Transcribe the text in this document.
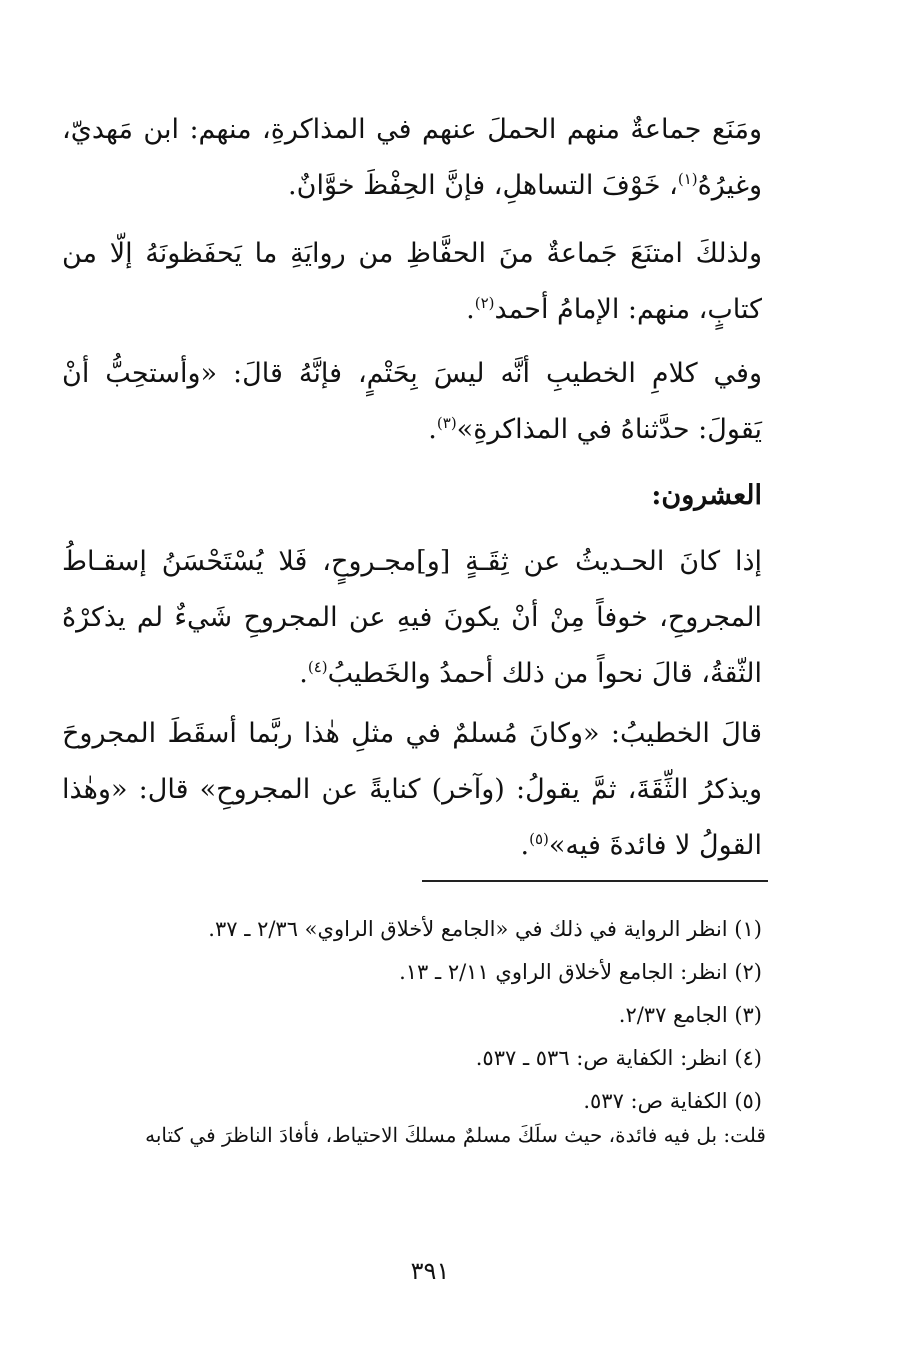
ومَنَع جماعةٌ منهم الحملَ عنهم في المذاكرةِ، منهم: ابن مَهديّ، وغيرُهُ$^{(١)}$، خَوْفَ التساهلِ، فإنَّ الحِفْظَ خوَّانٌ.

ولذلكَ امتنَعَ جَماعةٌ منَ الحفَّاظِ من روايَةِ ما يَحفَظونَهُ إلّا من كتابٍ، منهم: الإمامُ أحمد$^{(٢)}$.

وفي كلامِ الخطيبِ أنَّه ليسَ بِحَتْمٍ، فإنَّهُ قالَ: «وأستحِبُّ أنْ يَقولَ: حدَّثناهُ في المذاكرةِ»$^{(٣)}$.

العشرون:

إذا كانَ الحـديثُ عن ثِقَـةٍ [و]مجـروحٍ، فَلا يُسْتَحْسَنُ إسقـاطُ المجروحِ، خوفاً مِنْ أنْ يكونَ فيهِ عن المجروحِ شَيءٌ لم يذكرْهُ الثّقةُ، قالَ نحواً من ذلك أحمدُ والخَطيبُ$^{(٤)}$.

قالَ الخطيبُ: «وكانَ مُسلمٌ في مثلِ هٰذا ربَّما أسقَطَ المجروحَ ويذكرُ الثِّقَةَ، ثمَّ يقولُ: (وآخر) كنايةً عن المجروحِ» قال: «وهٰذا القولُ لا فائدةَ فيه»$^{(٥)}$.

(١) انظر الرواية في ذلك في «الجامع لأخلاق الراوي» ٢/٣٦ ـ ٣٧.
(٢) انظر: الجامع لأخلاق الراوي ٢/١١ ـ ١٣.
(٣) الجامع ٢/٣٧.
(٤) انظر: الكفاية ص: ٥٣٦ ـ ٥٣٧.
(٥) الكفاية ص: ٥٣٧.
قلت: بل فيه فائدة، حيث سلَكَ مسلمٌ مسلكَ الاحتياط، فأفادَ الناظرَ في كتابه
٣٩١
